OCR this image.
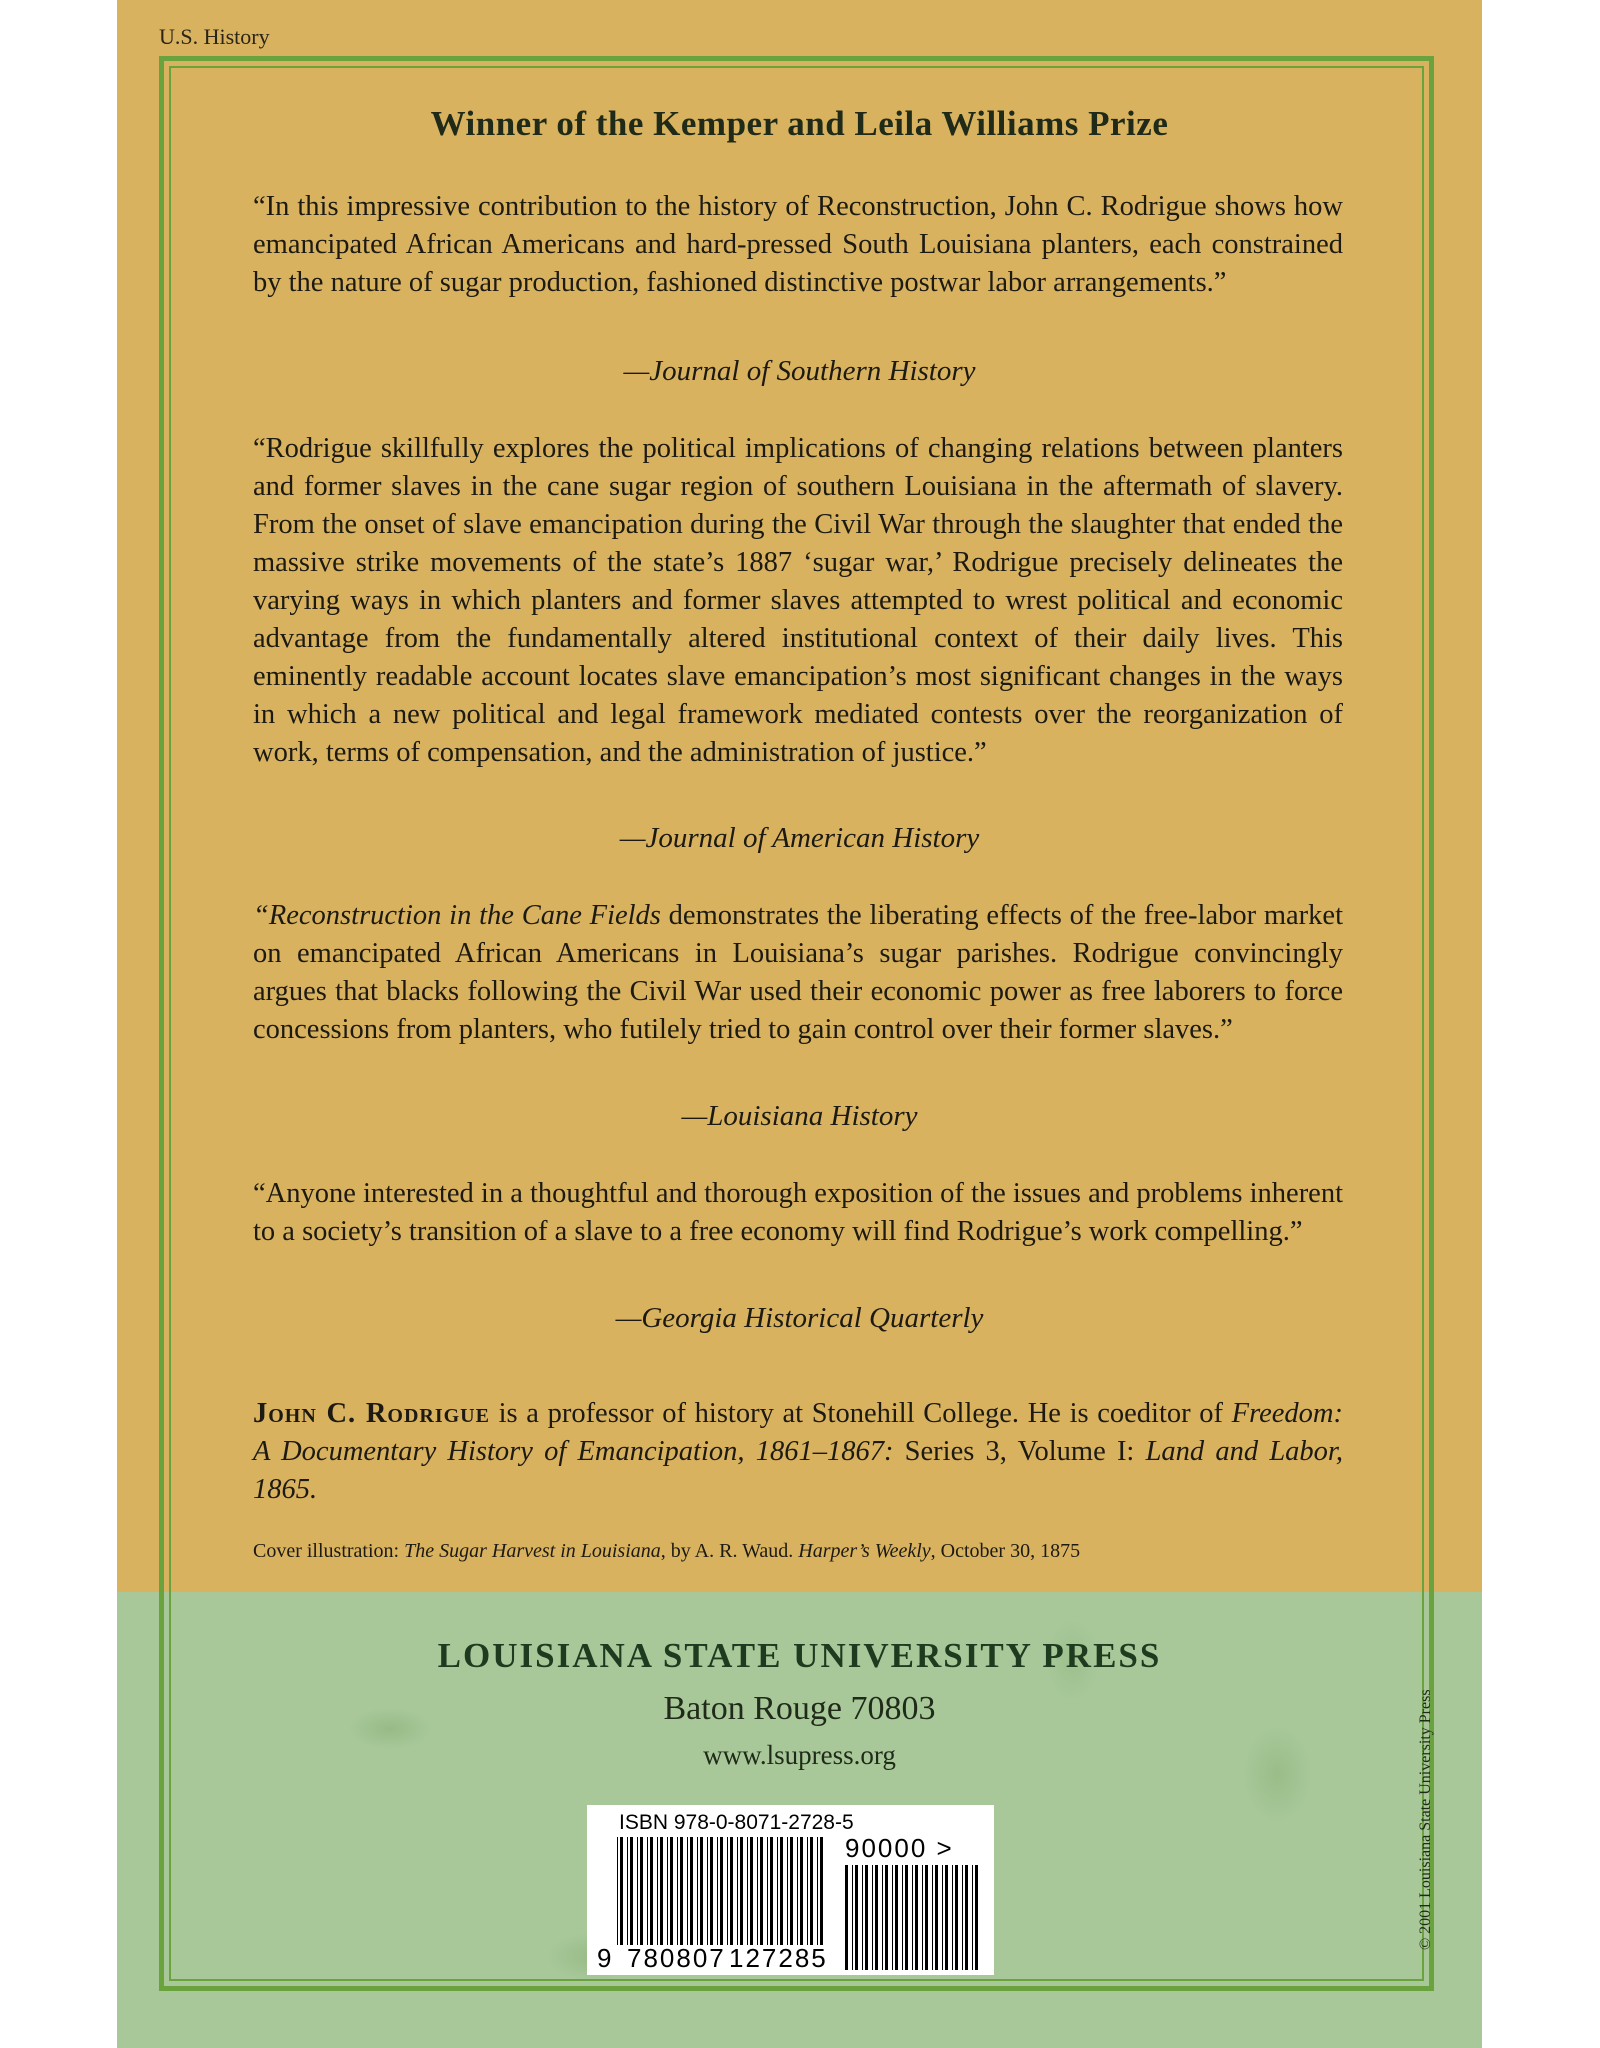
U.S. History
Winner of the Kemper and Leila Williams Prize
“In this impressive contribution to the history of Reconstruction, John C. Rodrigue shows how emancipated African Americans and hard-pressed South Louisiana planters, each constrained by the nature of sugar production, fashioned distinctive postwar labor arrangements.”
—Journal of Southern History
“Rodrigue skillfully explores the political implications of changing relations between planters and former slaves in the cane sugar region of southern Louisiana in the aftermath of slavery. From the onset of slave emancipation during the Civil War through the slaughter that ended the massive strike movements of the state’s 1887 ‘sugar war,’ Rodrigue precisely delineates the varying ways in which planters and former slaves attempted to wrest political and economic advantage from the fundamentally altered institutional context of their daily lives. This eminently readable account locates slave emancipation’s most significant changes in the ways in which a new political and legal framework mediated contests over the reorganization of work, terms of compensation, and the administration of justice.”
—Journal of American History
“Reconstruction in the Cane Fields demonstrates the liberating effects of the free-labor market on emancipated African Americans in Louisiana’s sugar parishes. Rodrigue convincingly argues that blacks following the Civil War used their economic power as free laborers to force concessions from planters, who futilely tried to gain control over their former slaves.”
—Louisiana History
“Anyone interested in a thoughtful and thorough exposition of the issues and problems inherent to a society’s transition of a slave to a free economy will find Rodrigue’s work compelling.”
—Georgia Historical Quarterly
John C. Rodrigue is a professor of history at Stonehill College. He is coeditor of Freedom: A Documentary History of Emancipation, 1861–1867: Series 3, Volume I: Land and Labor, 1865.
Cover illustration: The Sugar Harvest in Louisiana, by A. R. Waud. Harper’s Weekly, October 30, 1875
LOUISIANA STATE UNIVERSITY PRESS
Baton Rouge 70803
www.lsupress.org
ISBN 978-0-8071-2728-5
9 780807 127285
90000 >	© 2001 Louisiana State University Press
